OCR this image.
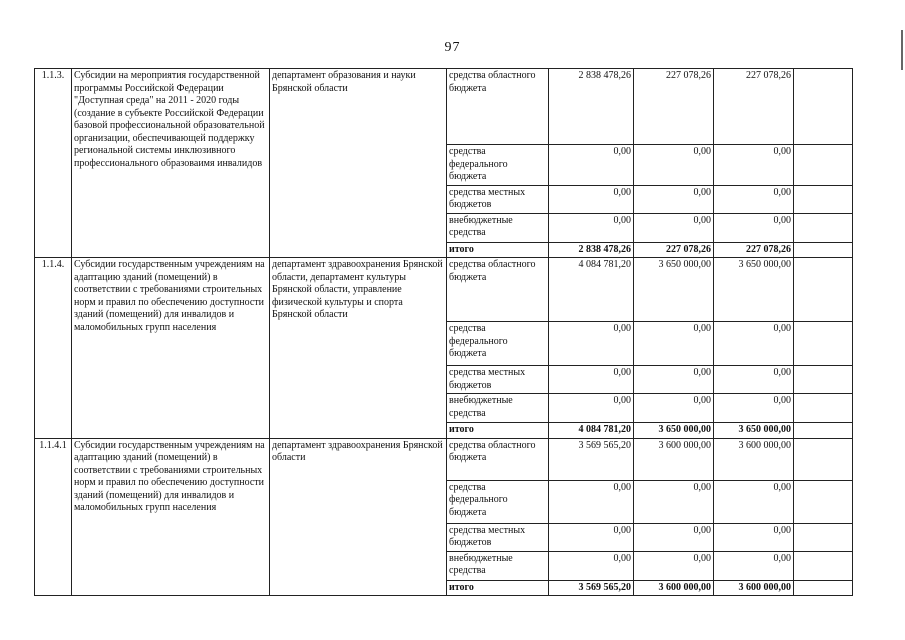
97
1.1.3.	Субсидии на мероприятия государственной программы Российской Федерации "Доступная среда" на 2011 - 2020 годы (создание в субъекте Российской Федерации базовой профессиональной образовательной организации, обеспечивающей поддержку региональной системы инклюзивного профессионального образоваимя инвалидов	департамент образования и науки Брянской области	средства областного бюджета	2 838 478,26	227 078,26	227 078,26	
			средства федерального бюджета	0,00	0,00	0,00	
			средства местных бюджетов	0,00	0,00	0,00	
			внебюджетные средства	0,00	0,00	0,00	
			итого	2 838 478,26	227 078,26	227 078,26	
1.1.4.	Субсидии государственным учреждениям на адаптацию зданий (помещений) в соответствии с требованиями строительных норм и правил по обеспечению доступности зданий (помещений) для инвалидов и маломобильных групп населения	департамент здравоохранения Брянской области, департамент культуры Брянской области, управление физической культуры и спорта Брянской области	средства областного бюджета	4 084 781,20	3 650 000,00	3 650 000,00	
			средства федерального бюджета	0,00	0,00	0,00	
			средства местных бюджетов	0,00	0,00	0,00	
			внебюджетные средства	0,00	0,00	0,00	
			итого	4 084 781,20	3 650 000,00	3 650 000,00	
1.1.4.1	Субсидии государственным учреждениям на адаптацию зданий (помещений) в соответствии с требованиями строительных норм и правил по обеспечению доступности зданий (помещений) для инвалидов и маломобильных групп населения	департамент здравоохранения Брянской области	средства областного бюджета	3 569 565,20	3 600 000,00	3 600 000,00	
			средства федерального бюджета	0,00	0,00	0,00	
			средства местных бюджетов	0,00	0,00	0,00	
			внебюджетные средства	0,00	0,00	0,00	
			итого	3 569 565,20	3 600 000,00	3 600 000,00	
